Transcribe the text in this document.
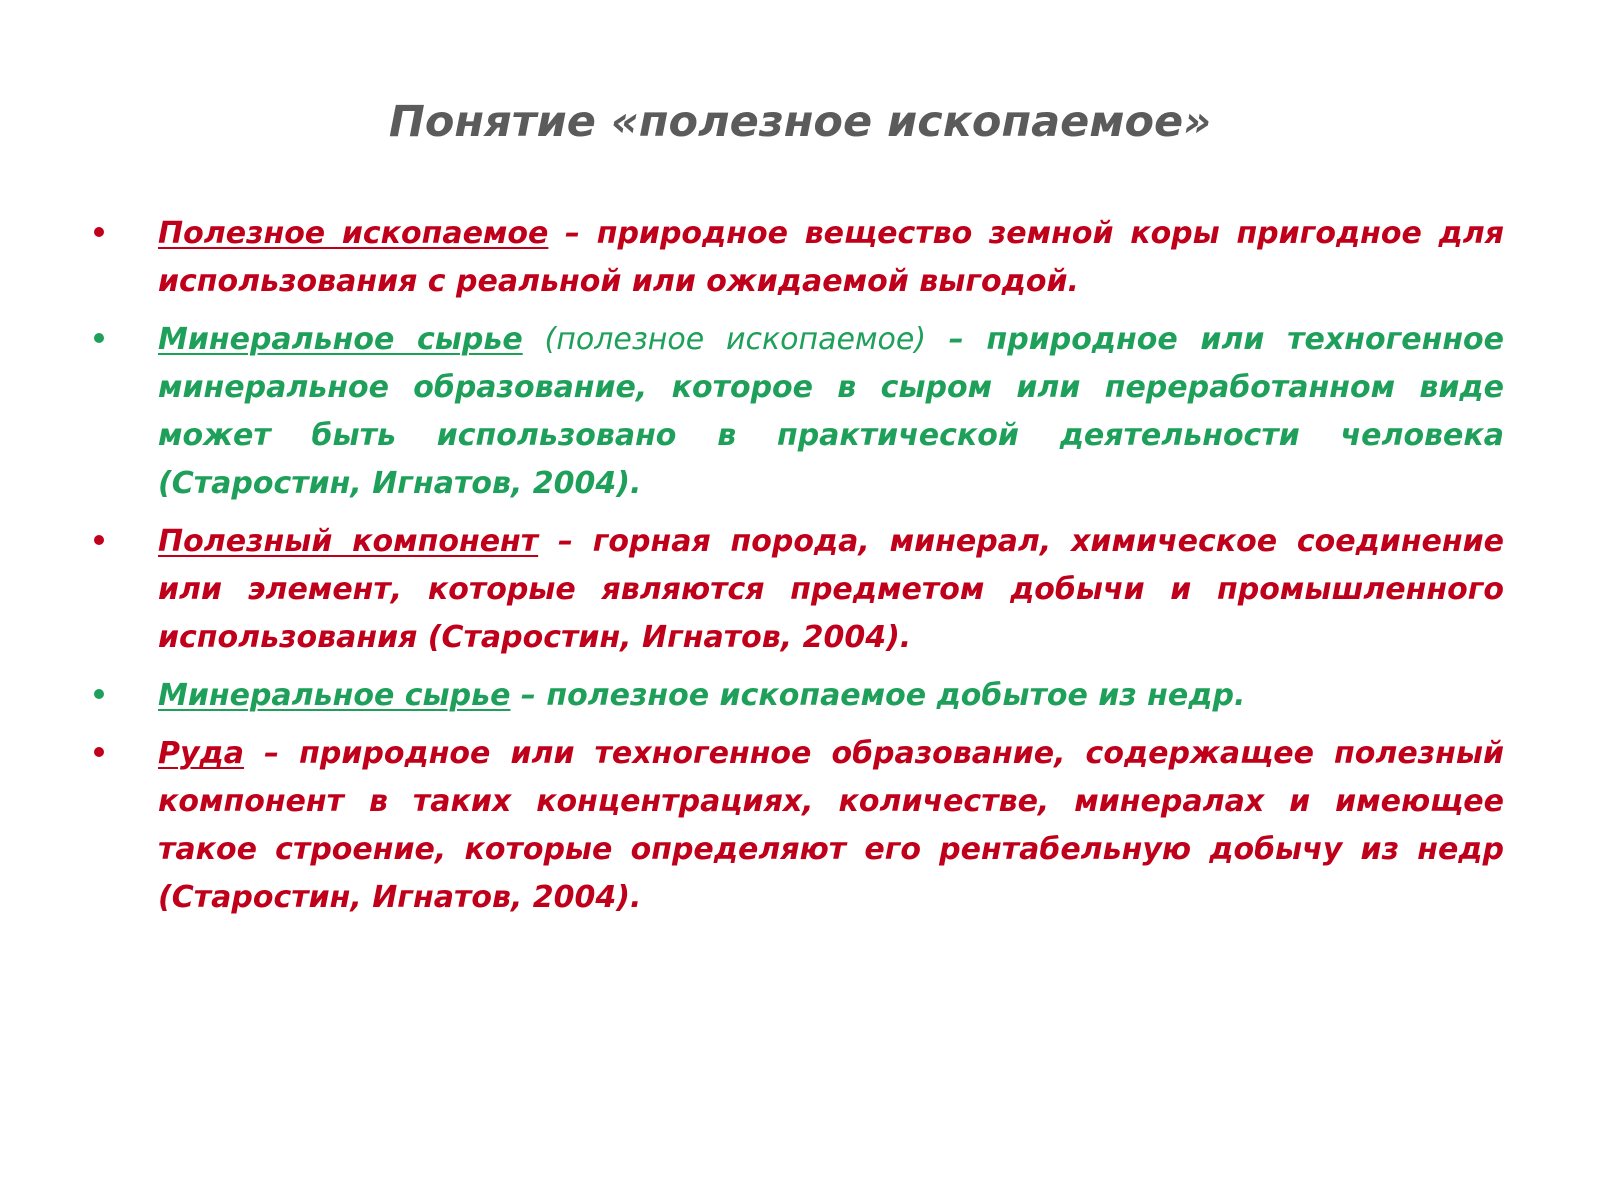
Понятие «полезное ископаемое»
Полезное ископаемое – природное вещество земной коры пригодное для использования с реальной или ожидаемой выгодой.
Минеральное сырье (полезное ископаемое) – природное или техногенное минеральное образование, которое в сыром или переработанном виде может быть использовано в практической деятельности человека (Старостин, Игнатов, 2004).
Полезный компонент – горная порода, минерал, химическое соединение или элемент, которые являются предметом добычи и промышленного использования (Старостин, Игнатов, 2004).
Минеральное сырье – полезное ископаемое добытое из недр.
Руда – природное или техногенное образование, содержащее полезный компонент в таких концентрациях, количестве, минералах и имеющее такое строение, которые определяют его рентабельную добычу из недр (Старостин, Игнатов, 2004).
